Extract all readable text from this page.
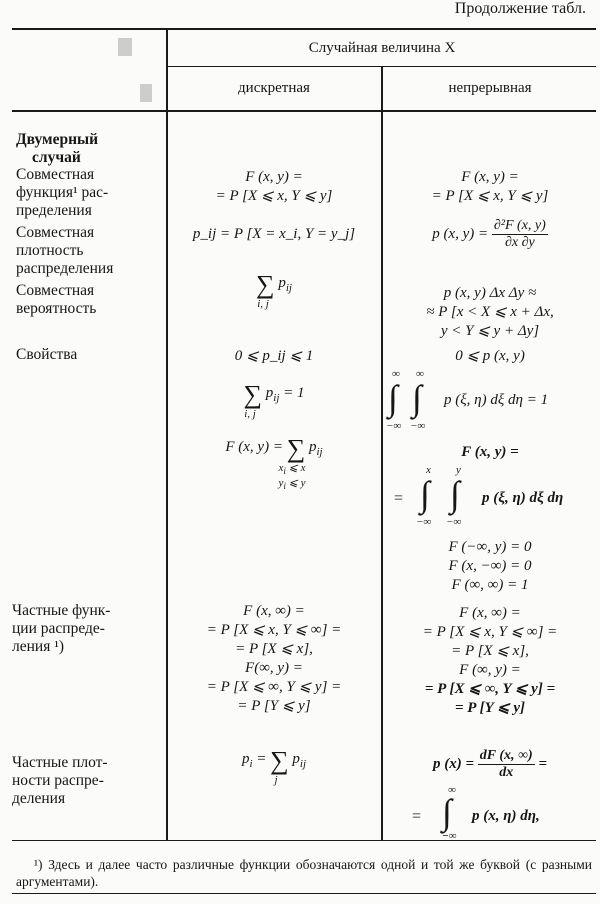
Продолжение табл.
Случайная величина X
дискретная	непрерывная
Двумерный
случай
Совместная
функция¹ рас-
пределения
Совместная
плотность
распределения
Совместная
вероятность
Свойства
Частные функ-
ции распреде-
ления ¹)
Частные плот-
ности распре-
деления
F (x, y) =
= P [X ⩽ x, Y ⩽ y]
p_ij = P [X = x_i, Y = y_j]
∑ $p_{ij}$
i, j
0 ⩽ p_ij ⩽ 1
∑ $p_{ij} = 1$
i, j
F (x, y) = ∑ $p_{ij}$
$x_i$ ⩽ x
$y_i$ ⩽ y
F (x, ∞) =
= P [X ⩽ x, Y ⩽ ∞] =
= P [X ⩽ x],
F(∞, y) =
= P [X ⩽ ∞, Y ⩽ y] =
= P [Y ⩽ y]
$p_i$ = ∑ $p_{ij}$
j
F (x, y) =
= P [X ⩽ x, Y ⩽ y]
p (x, $y) = \frac{\text{∂²F (x, y)}}{\partial x \partial y}$
p (x, y) Δx Δy ≈
≈ P [x < X ⩽ x + Δx,
y < Y ⩽ y + Δy]
0 ⩽ p (x, y)
∞
∫
−∞
∞
∫
−∞
p (ξ, η) dξ dη = 1
F (x, y) =
=
x
∫
−∞
y
∫
−∞
p (ξ, η) dξ dη
F (−∞, y) = 0
F (x, −∞) = 0
F (∞, ∞) = 1
F (x, ∞) =
= P [X ⩽ x, Y ⩽ ∞] =
= P [X ⩽ x],
F (∞, y) =
= P [X ⩽ ∞, Y ⩽ y] =
= P [Y ⩽ y]
p $(x) = \frac{dF (x, \infty)}{dx}$ =
=
∞
∫
−∞
p (x, η) dη,
¹) Здесь и далее часто различные функции обозначаются одной и той же буквой (с разными аргументами).
